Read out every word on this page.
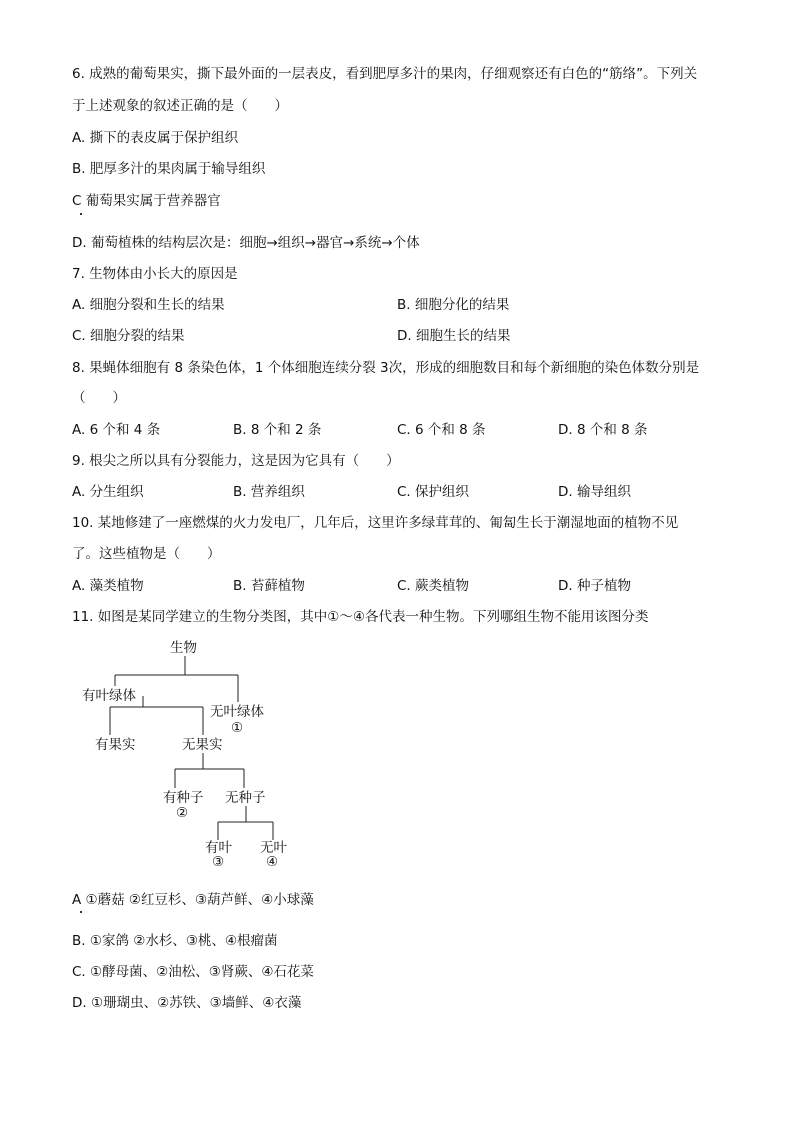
6. 成熟的葡萄果实，撕下最外面的一层表皮，看到肥厚多汁的果肉，仔细观察还有白色的“筋络”。下列关
于上述观象的叙述正确的是（　　）
A. 撕下的表皮属于保护组织
B. 肥厚多汁的果肉属于输导组织
C 葡萄果实属于营养器官
D. 葡萄植株的结构层次是：细胞→组织→器官→系统→个体
7. 生物体由小长大的原因是
A. 细胞分裂和生长的结果	B. 细胞分化的结果
C. 细胞分裂的结果	D. 细胞生长的结果
8. 果蝇体细胞有 8 条染色体，1 个体细胞连续分裂 3次，形成的细胞数目和每个新细胞的染色体数分别是
（　　）
A. 6 个和 4 条	B. 8 个和 2 条	C. 6 个和 8 条	D. 8 个和 8 条
9. 根尖之所以具有分裂能力，这是因为它具有（　　）
A. 分生组织	B. 营养组织	C. 保护组织	D. 输导组织
10. 某地修建了一座燃煤的火力发电厂，几年后，这里许多绿茸茸的、匍匐生长于潮湿地面的植物不见
了。这些植物是（　　）
A. 藻类植物	B. 苔藓植物	C. 蕨类植物	D. 种子植物
11. 如图是某同学建立的生物分类图，其中①～④各代表一种生物。下列哪组生物不能用该图分类
生物
有叶绿体
无叶绿体
①
有果实	无果实
有种子
②
无种子
有叶
③
无叶
④
A ①蘑菇 ②红豆杉、③葫芦鲜、④小球藻
B. ①家鸽 ②水杉、③桃、④根瘤菌
C. ①酵母菌、②油松、③肾蕨、④石花菜
D. ①珊瑚虫、②苏铁、③墙鲜、④衣藻
